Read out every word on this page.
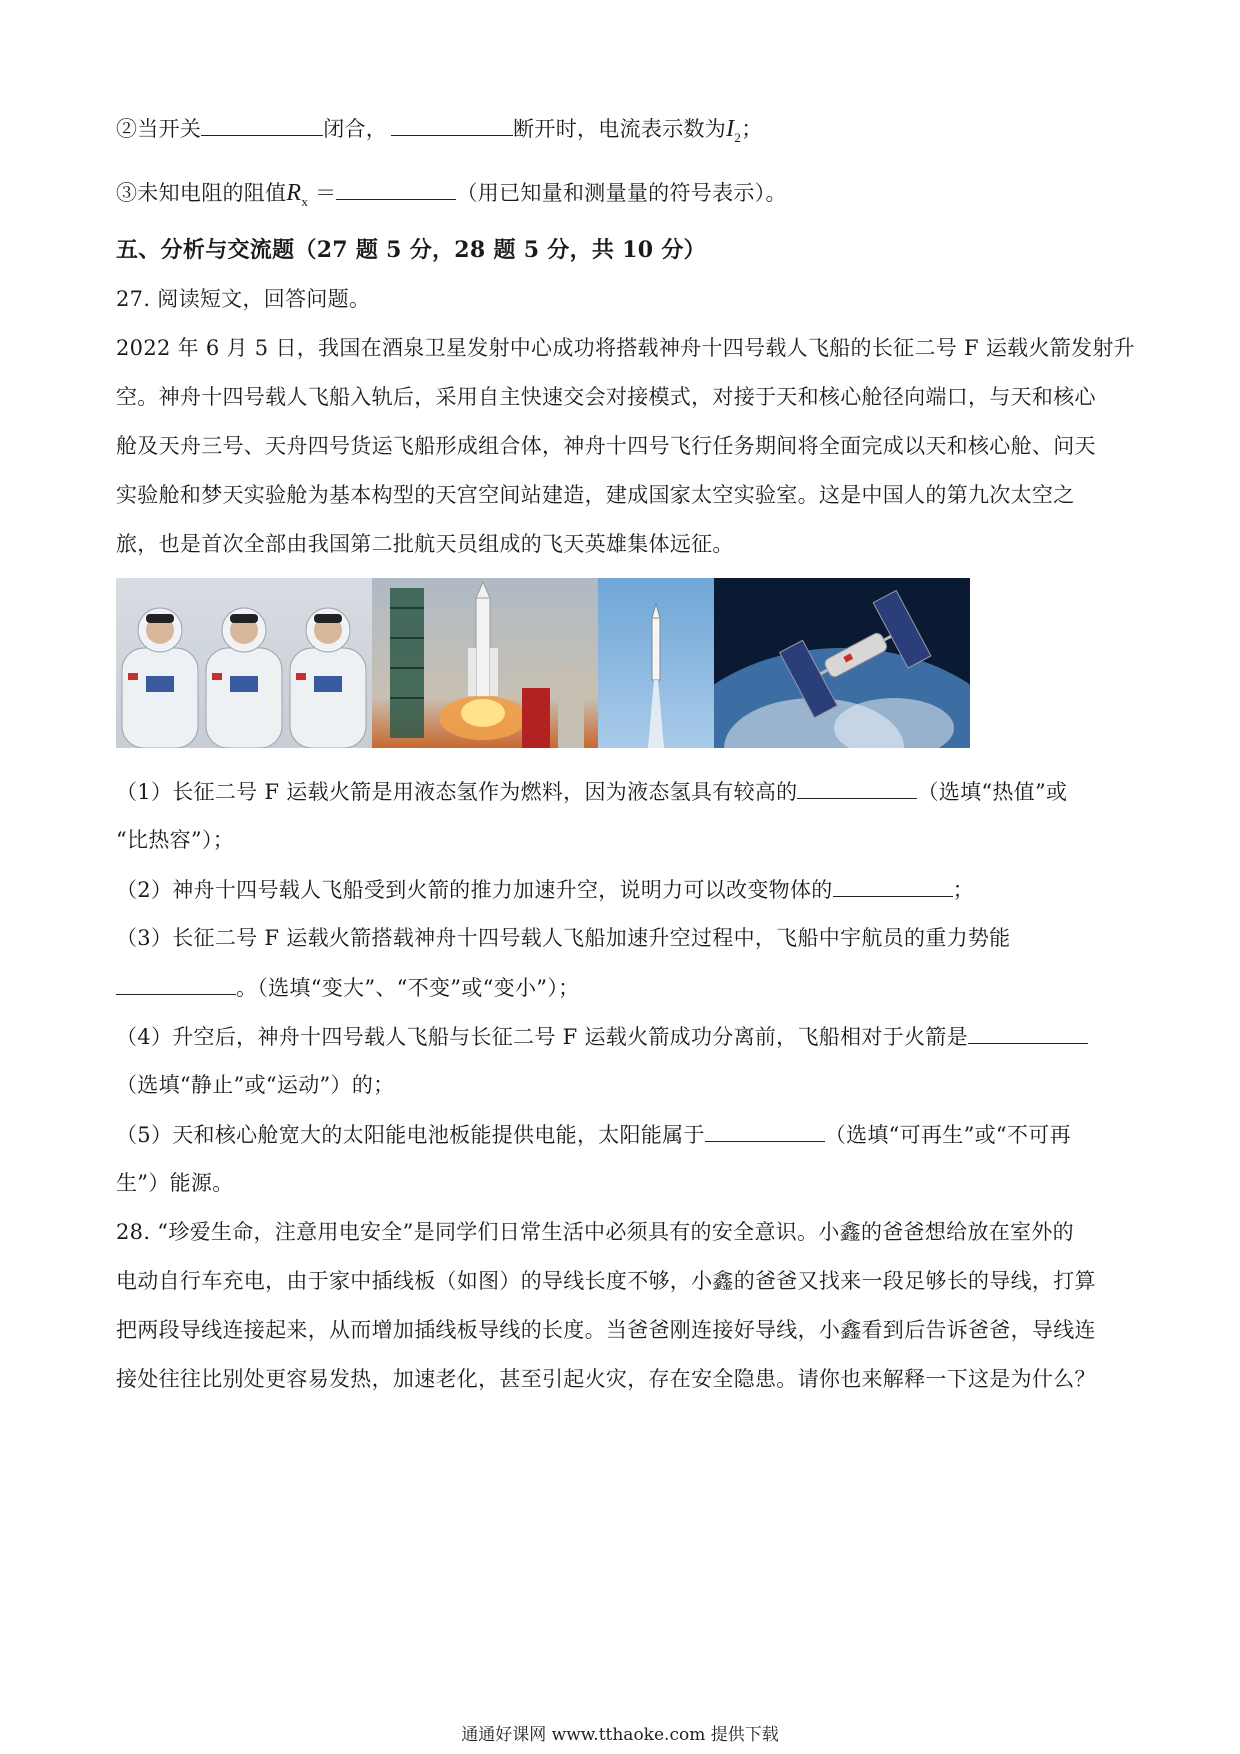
②当开关	闭合，	断开时，电流表示数为$I_2$；
③未知电阻的阻值$R_x$ ＝	（用已知量和测量量的符号表示）。
五、分析与交流题（27 题 5 分，28 题 5 分，共 10 分）
27. 阅读短文，回答问题。
2022 年 6 月 5 日，我国在酒泉卫星发射中心成功将搭载神舟十四号载人飞船的长征二号 F 运载火箭发射升
空。神舟十四号载人飞船入轨后，采用自主快速交会对接模式，对接于天和核心舱径向端口，与天和核心
舱及天舟三号、天舟四号货运飞船形成组合体，神舟十四号飞行任务期间将全面完成以天和核心舱、问天
实验舱和梦天实验舱为基本构型的天宫空间站建造，建成国家太空实验室。这是中国人的第九次太空之
旅，也是首次全部由我国第二批航天员组成的飞天英雄集体远征。
（1）长征二号 F 运载火箭是用液态氢作为燃料，因为液态氢具有较高的	（选填“热值”或
“比热容”）；
（2）神舟十四号载人飞船受到火箭的推力加速升空，说明力可以改变物体的	；
（3）长征二号 F 运载火箭搭载神舟十四号载人飞船加速升空过程中，飞船中宇航员的重力势能
。（选填“变大”、“不变”或“变小”）；
（4）升空后，神舟十四号载人飞船与长征二号 F 运载火箭成功分离前，飞船相对于火箭是
（选填“静止”或“运动”）的；
（5）天和核心舱宽大的太阳能电池板能提供电能，太阳能属于	（选填“可再生”或“不可再
生”）能源。
28. “珍爱生命，注意用电安全”是同学们日常生活中必须具有的安全意识。小鑫的爸爸想给放在室外的
电动自行车充电，由于家中插线板（如图）的导线长度不够，小鑫的爸爸又找来一段足够长的导线，打算
把两段导线连接起来，从而增加插线板导线的长度。当爸爸刚连接好导线，小鑫看到后告诉爸爸，导线连
接处往往比别处更容易发热，加速老化，甚至引起火灾，存在安全隐患。请你也来解释一下这是为什么？
通通好课网 www.tthaoke.com 提供下载
